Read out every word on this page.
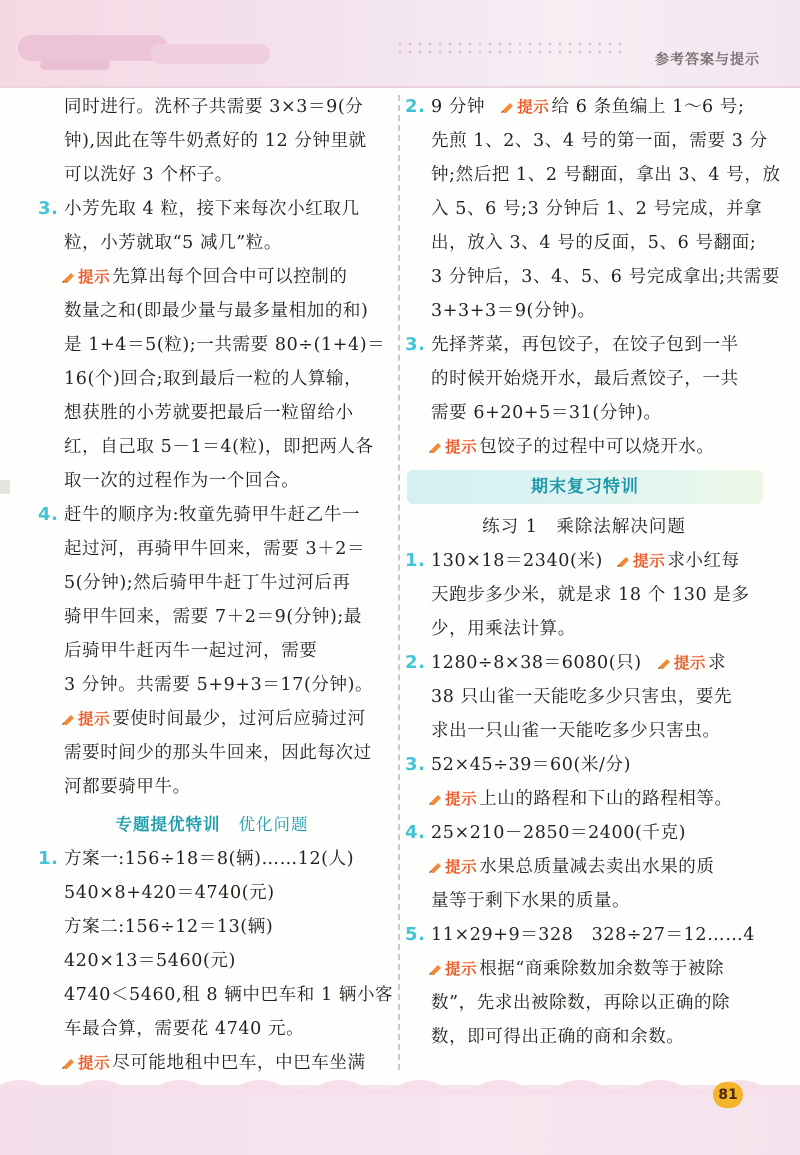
参考答案与提示
同时进行。洗杯子共需要 3×3＝9(分
钟),因此在等牛奶煮好的 12 分钟里就
可以洗好 3 个杯子。
3. 小芳先取 4 粒，接下来每次小红取几
粒，小芳就取“5 减几”粒。
提示 先算出每个回合中可以控制的
数量之和(即最少量与最多量相加的和)
是 1+4＝5(粒);一共需要 80÷(1+4)＝
16(个)回合;取到最后一粒的人算输，
想获胜的小芳就要把最后一粒留给小
红，自己取 5－1＝4(粒)，即把两人各
取一次的过程作为一个回合。
4. 赶牛的顺序为:牧童先骑甲牛赶乙牛一
起过河，再骑甲牛回来，需要 3＋2＝
5(分钟);然后骑甲牛赶丁牛过河后再
骑甲牛回来，需要 7＋2＝9(分钟);最
后骑甲牛赶丙牛一起过河，需要
3 分钟。共需要 5+9+3＝17(分钟)。
提示 要使时间最少，过河后应骑过河
需要时间少的那头牛回来，因此每次过
河都要骑甲牛。
专题提优特训 优化问题
1. 方案一:156÷18＝8(辆)……12(人)
540×8+420＝4740(元)
方案二:156÷12＝13(辆)
420×13＝5460(元)
4740＜5460,租 8 辆中巴车和 1 辆小客
车最合算，需要花 4740 元。
提示 尽可能地租中巴车，中巴车坐满
2. 9 分钟 提示 给 6 条鱼编上 1～6 号;
先煎 1、2、3、4 号的第一面，需要 3 分
钟;然后把 1、2 号翻面，拿出 3、4 号，放
入 5、6 号;3 分钟后 1、2 号完成，并拿
出，放入 3、4 号的反面，5、6 号翻面;
3 分钟后，3、4、5、6 号完成拿出;共需要
3+3+3＝9(分钟)。
3. 先择荠菜，再包饺子，在饺子包到一半
的时候开始烧开水，最后煮饺子，一共
需要 6+20+5＝31(分钟)。
提示 包饺子的过程中可以烧开水。
期末复习特训
练习 1　乘除法解决问题
1. 130×18＝2340(米) 提示 求小红每
天跑步多少米，就是求 18 个 130 是多
少，用乘法计算。
2. 1280÷8×38＝6080(只) 提示 求
38 只山雀一天能吃多少只害虫，要先
求出一只山雀一天能吃多少只害虫。
3. 52×45÷39＝60(米/分)
提示 上山的路程和下山的路程相等。
4. 25×210－2850＝2400(千克)
提示 水果总质量减去卖出水果的质
量等于剩下水果的质量。
5. 11×29+9＝328　328÷27＝12……4
提示 根据“商乘除数加余数等于被除
数”，先求出被除数，再除以正确的除
数，即可得出正确的商和余数。
81
